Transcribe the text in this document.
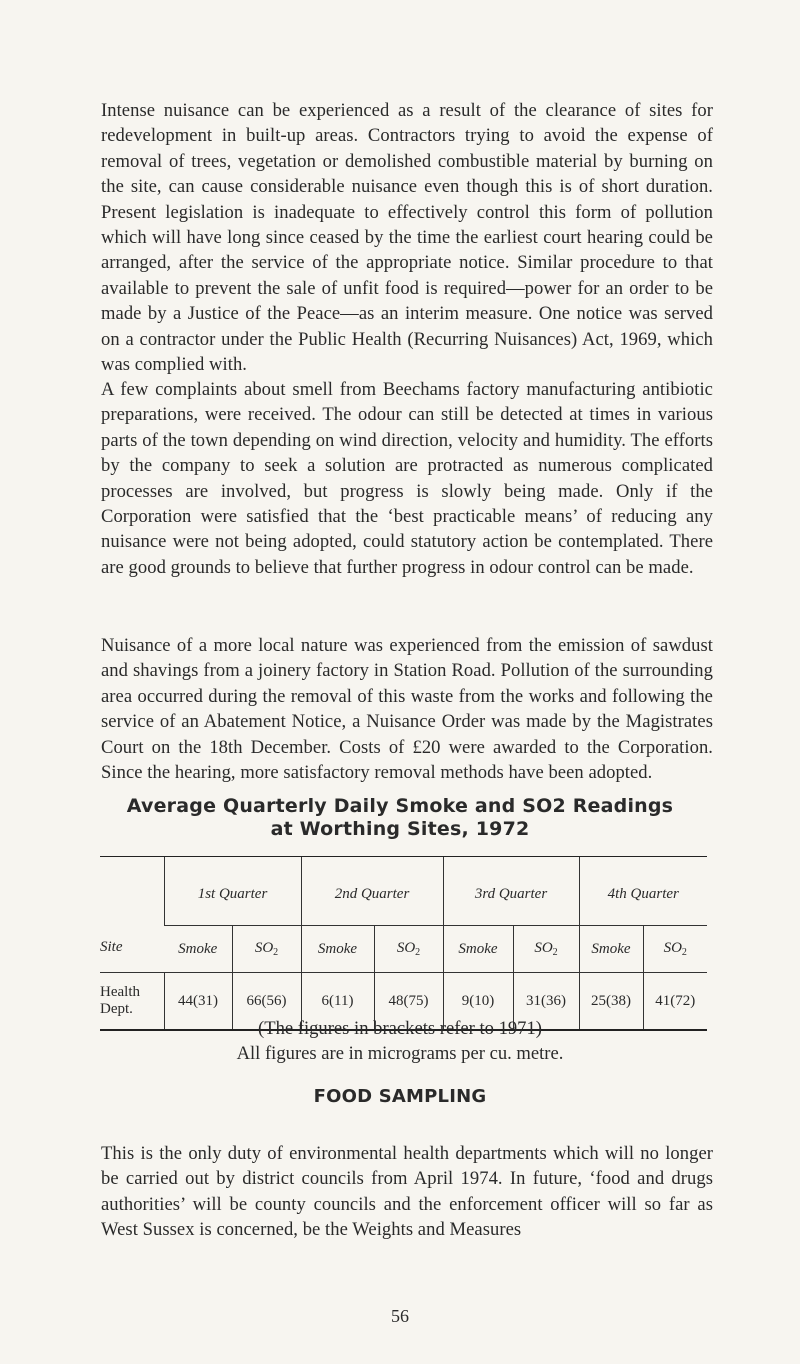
Intense nuisance can be experienced as a result of the clearance of sites for redevelopment in built-up areas. Contractors trying to avoid the expense of removal of trees, vegetation or demolished combustible material by burning on the site, can cause considerable nuisance even though this is of short duration. Present legislation is inadequate to effectively control this form of pollution which will have long since ceased by the time the earliest court hearing could be arranged, after the service of the appropriate notice. Similar procedure to that available to prevent the sale of unfit food is required—power for an order to be made by a Justice of the Peace—as an interim measure. One notice was served on a contractor under the Public Health (Recurring Nuisances) Act, 1969, which was complied with.

A few complaints about smell from Beechams factory manufacturing antibiotic preparations, were received. The odour can still be detected at times in various parts of the town depending on wind direction, velocity and humidity. The efforts by the company to seek a solution are protracted as numerous complicated processes are involved, but progress is slowly being made. Only if the Corporation were satisfied that the ‘best practicable means’ of reducing any nuisance were not being adopted, could statutory action be contemplated. There are good grounds to believe that further progress in odour control can be made.

Nuisance of a more local nature was experienced from the emission of sawdust and shavings from a joinery factory in Station Road. Pollution of the surrounding area occurred during the removal of this waste from the works and following the service of an Abatement Notice, a Nuisance Order was made by the Magistrates Court on the 18th December. Costs of £20 were awarded to the Corporation. Since the hearing, more satisfactory removal methods have been adopted.

Average Quarterly Daily Smoke and SO2 Readings

at Worthing Sites, 1972

Site	1st Quarter		2nd Quarter		3rd Quarter		4th Quarter	
	Smoke	$SO_2$	Smoke	$SO_2$	Smoke	$SO_2$	Smoke	$SO_2$
Health Dept.	44(31)	66(56)	6(11)	48(75)	9(10)	31(36)	25(38)	41(72)

(The figures in brackets refer to 1971)

All figures are in micrograms per cu. metre.

FOOD SAMPLING

This is the only duty of environmental health departments which will no longer be carried out by district councils from April 1974. In future, ‘food and drugs authorities’ will be county councils and the enforcement officer will so far as West Sussex is concerned, be the Weights and Measures

56
